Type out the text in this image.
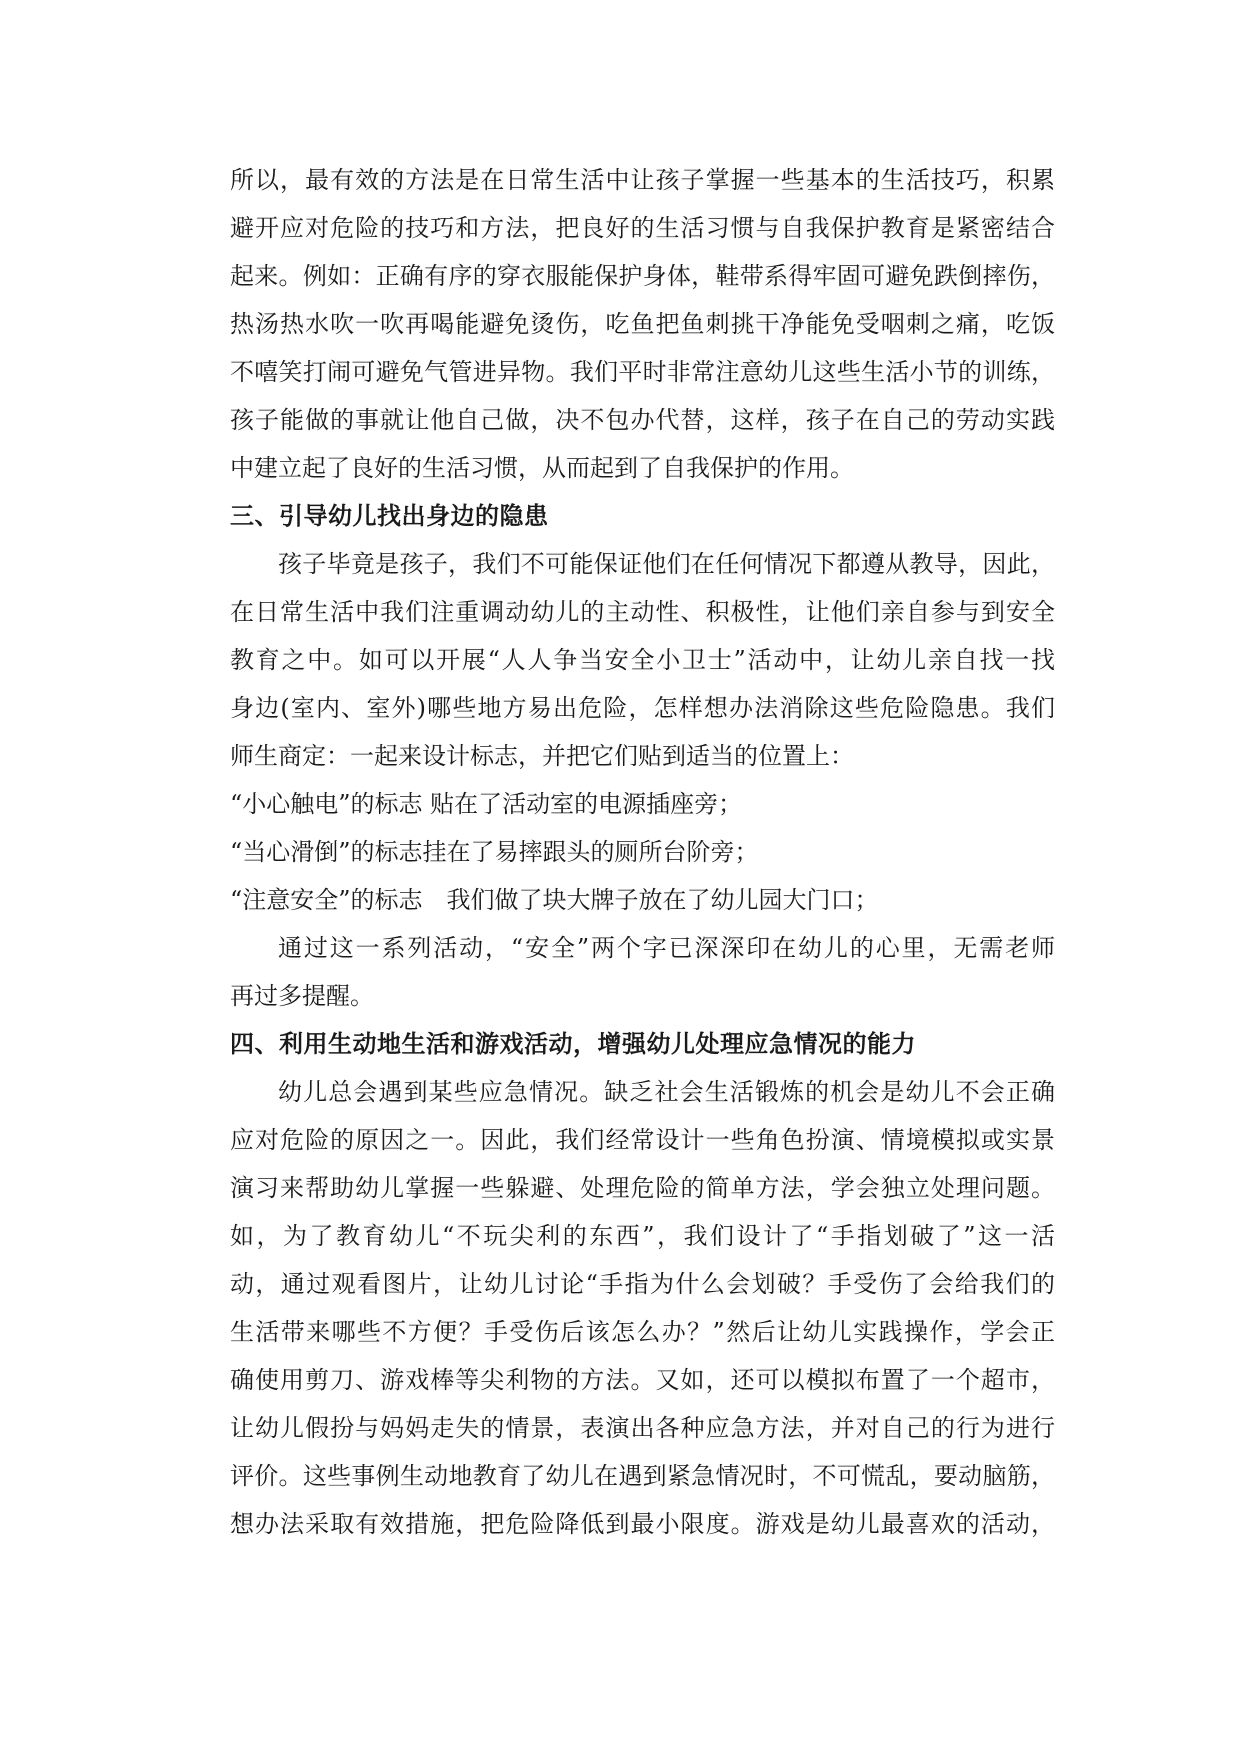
所以，最有效的方法是在日常生活中让孩子掌握一些基本的生活技巧，积累
避开应对危险的技巧和方法，把良好的生活习惯与自我保护教育是紧密结合
起来。例如：正确有序的穿衣服能保护身体，鞋带系得牢固可避免跌倒摔伤，
热汤热水吹一吹再喝能避免烫伤，吃鱼把鱼刺挑干净能免受咽刺之痛，吃饭
不嘻笑打闹可避免气管进异物。我们平时非常注意幼儿这些生活小节的训练，
孩子能做的事就让他自己做，决不包办代替，这样，孩子在自己的劳动实践
中建立起了良好的生活习惯，从而起到了自我保护的作用。
三、引导幼儿找出身边的隐患
孩子毕竟是孩子，我们不可能保证他们在任何情况下都遵从教导，因此，
在日常生活中我们注重调动幼儿的主动性、积极性，让他们亲自参与到安全
教育之中。如可以开展“人人争当安全小卫士”活动中，让幼儿亲自找一找
身边(室内、室外)哪些地方易出危险，怎样想办法消除这些危险隐患。我们
师生商定：一起来设计标志，并把它们贴到适当的位置上：
“小心触电”的标志 贴在了活动室的电源插座旁；
“当心滑倒”的标志挂在了易摔跟头的厕所台阶旁；
“注意安全”的标志　我们做了块大牌子放在了幼儿园大门口；
通过这一系列活动，“安全”两个字已深深印在幼儿的心里，无需老师
再过多提醒。
四、利用生动地生活和游戏活动，增强幼儿处理应急情况的能力
幼儿总会遇到某些应急情况。缺乏社会生活锻炼的机会是幼儿不会正确
应对危险的原因之一。因此，我们经常设计一些角色扮演、情境模拟或实景
演习来帮助幼儿掌握一些躲避、处理危险的简单方法，学会独立处理问题。
如，为了教育幼儿“不玩尖利的东西”，我们设计了“手指划破了”这一活
动，通过观看图片，让幼儿讨论“手指为什么会划破？手受伤了会给我们的
生活带来哪些不方便？手受伤后该怎么办？”然后让幼儿实践操作，学会正
确使用剪刀、游戏棒等尖利物的方法。又如，还可以模拟布置了一个超市，
让幼儿假扮与妈妈走失的情景，表演出各种应急方法，并对自己的行为进行
评价。这些事例生动地教育了幼儿在遇到紧急情况时，不可慌乱，要动脑筋，
想办法采取有效措施，把危险降低到最小限度。游戏是幼儿最喜欢的活动，
